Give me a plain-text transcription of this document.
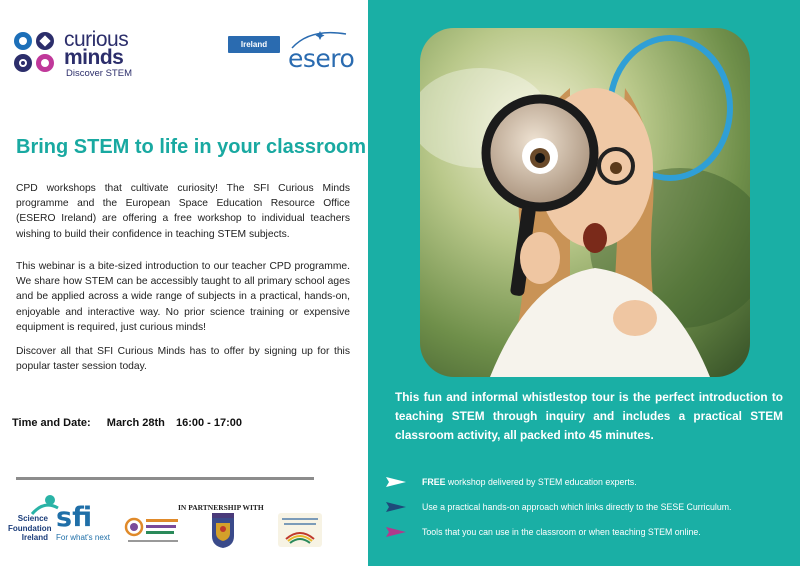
curious
minds
Discover STEM
Ireland esero
Bring STEM to life in your classroom

CPD workshops that cultivate curiosity! The SFI Curious Minds programme and the European Space Education Resource Office (ESERO Ireland) are offering a free workshop to individual teachers wishing to build their confidence in teaching STEM subjects.

This webinar is a bite-sized introduction to our teacher CPD programme. We share how STEM can be accessibly taught to all primary school ages and be applied across a wide range of subjects in a practical, hands-on, enjoyable and interactive way. No prior science training or expensive equipment is required, just curious minds!

Discover all that SFI Curious Minds has to offer by signing up for this popular taster session today.

Time and Date: March 28th 16:00 - 17:00
Science Foundation Ireland
sfi
For what's next
IN PARTNERSHIP WITH
This fun and informal whistlestop tour is the perfect introduction to teaching STEM through inquiry and includes a practical STEM classroom activity, all packed into 45 minutes.
FREE workshop delivered by STEM education experts.
Use a practical hands-on approach which links directly to the SESE Curriculum.
Tools that you can use in the classroom or when teaching STEM online.
